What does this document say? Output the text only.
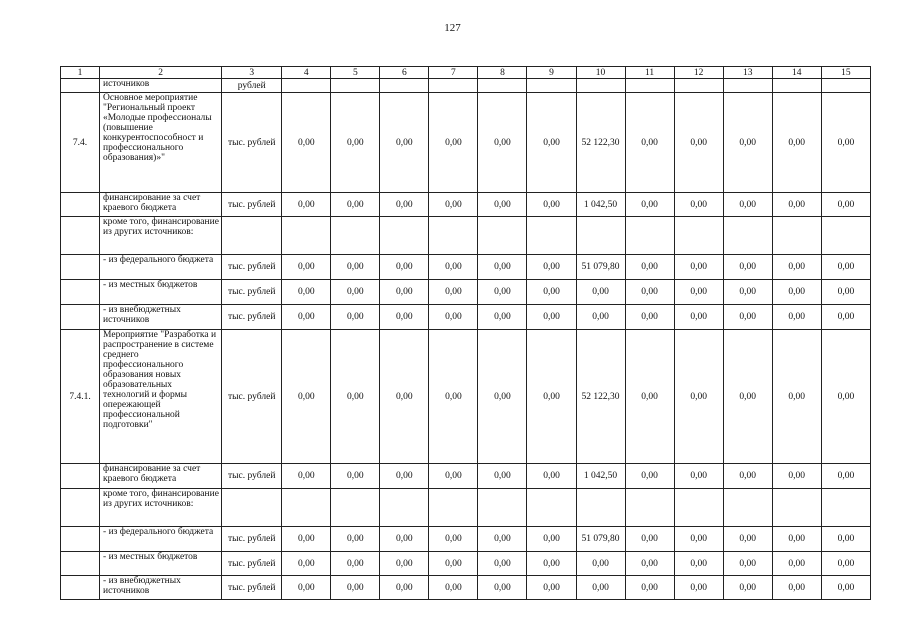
127
1	2	3	4	5	6	7	8	9	10	11	12	13	14	15
	источников	рублей												
7.4.	Основное мероприятие "Региональный проект «Молодые профессионалы (повышение конкурентоспособност и профессионального образования)»"	тыс. рублей	0,00	0,00	0,00	0,00	0,00	0,00	52 122,30	0,00	0,00	0,00	0,00	0,00
	финансирование за счет краевого бюджета	тыс. рублей	0,00	0,00	0,00	0,00	0,00	0,00	1 042,50	0,00	0,00	0,00	0,00	0,00
	кроме того, финансирование из других источников:													
	- из федерального бюджета	тыс. рублей	0,00	0,00	0,00	0,00	0,00	0,00	51 079,80	0,00	0,00	0,00	0,00	0,00
	- из местных бюджетов	тыс. рублей	0,00	0,00	0,00	0,00	0,00	0,00	0,00	0,00	0,00	0,00	0,00	0,00
	- из внебюджетных источников	тыс. рублей	0,00	0,00	0,00	0,00	0,00	0,00	0,00	0,00	0,00	0,00	0,00	0,00
7.4.1.	Мероприятие "Разработка и распространение в системе среднего профессионального образования новых образовательных технологий и формы опережающей профессиональной подготовки"	тыс. рублей	0,00	0,00	0,00	0,00	0,00	0,00	52 122,30	0,00	0,00	0,00	0,00	0,00
	финансирование за счет краевого бюджета	тыс. рублей	0,00	0,00	0,00	0,00	0,00	0,00	1 042,50	0,00	0,00	0,00	0,00	0,00
	кроме того, финансирование из других источников:													
	- из федерального бюджета	тыс. рублей	0,00	0,00	0,00	0,00	0,00	0,00	51 079,80	0,00	0,00	0,00	0,00	0,00
	- из местных бюджетов	тыс. рублей	0,00	0,00	0,00	0,00	0,00	0,00	0,00	0,00	0,00	0,00	0,00	0,00
	- из внебюджетных источников	тыс. рублей	0,00	0,00	0,00	0,00	0,00	0,00	0,00	0,00	0,00	0,00	0,00	0,00
